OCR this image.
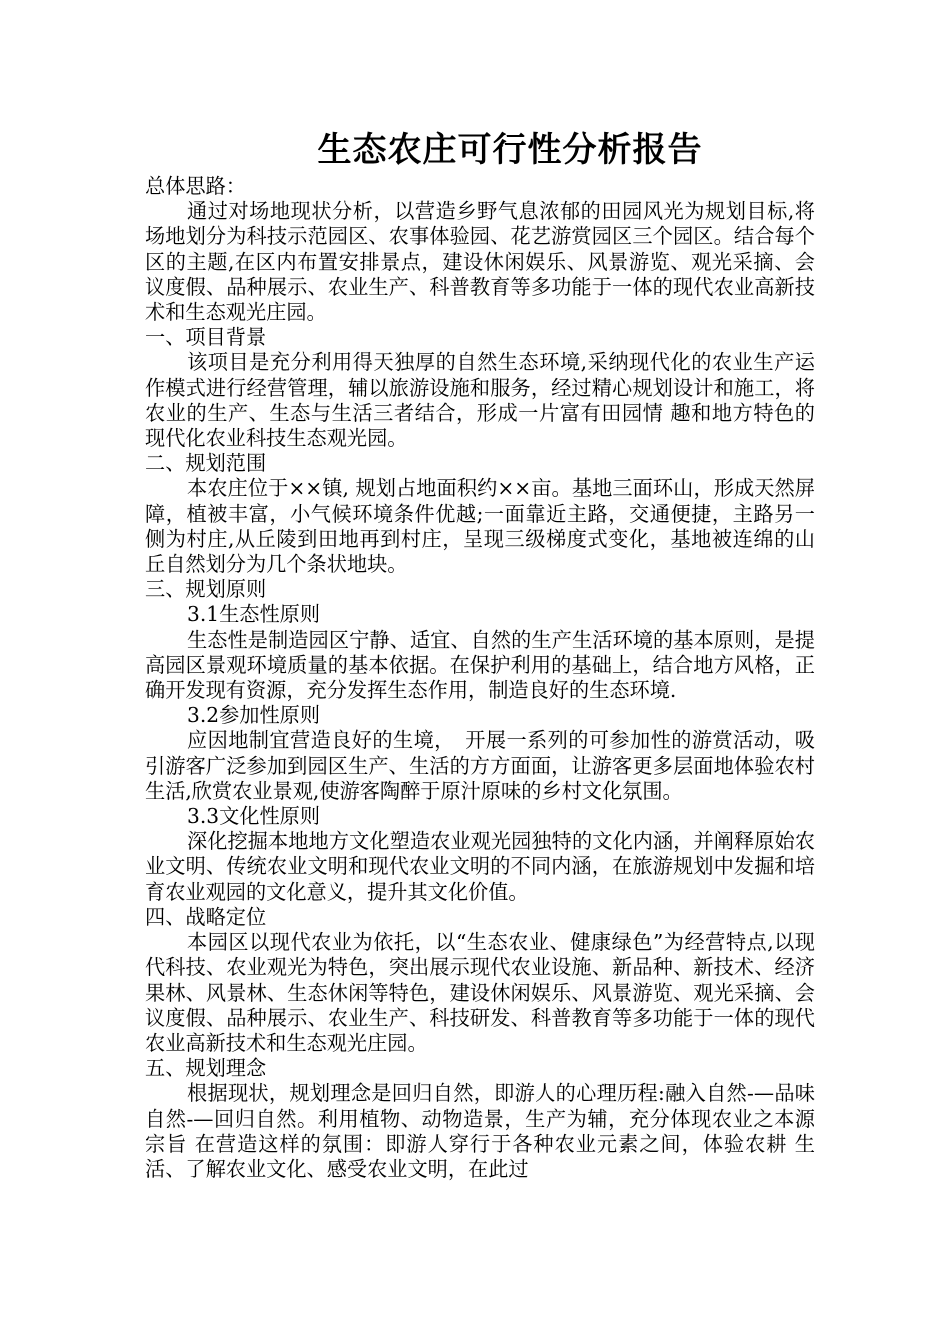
生态农庄可行性分析报告

总体思路：

通过对场地现状分析，以营造乡野气息浓郁的田园风光为规划目标,将场地划分为科技示范园区、农事体验园、花艺游赏园区三个园区。结合每个区的主题,在区内布置安排景点，建设休闲娱乐、风景游览、观光采摘、会议度假、品种展示、农业生产、科普教育等多功能于一体的现代农业高新技术和生态观光庄园。

一、项目背景

该项目是充分利用得天独厚的自然生态环境,采纳现代化的农业生产运作模式进行经营管理，辅以旅游设施和服务，经过精心规划设计和施工，将农业的生产、生态与生活三者结合，形成一片富有田园情 趣和地方特色的现代化农业科技生态观光园。

二、规划范围

本农庄位于××镇, 规划占地面积约××亩。基地三面环山，形成天然屏障，植被丰富，小气候环境条件优越;一面靠近主路，交通便捷，主路另一侧为村庄,从丘陵到田地再到村庄，呈现三级梯度式变化，基地被连绵的山丘自然划分为几个条状地块。

三、规划原则

3.1生态性原则

生态性是制造园区宁静、适宜、自然的生产生活环境的基本原则，是提高园区景观环境质量的基本依据。在保护利用的基础上，结合地方风格，正确开发现有资源，充分发挥生态作用，制造良好的生态环境.

3.2参加性原则

应因地制宜营造良好的生境，　开展一系列的可参加性的游赏活动，吸引游客广泛参加到园区生产、生活的方方面面，让游客更多层面地体验农村生活,欣赏农业景观,使游客陶醉于原汁原味的乡村文化氛围。

3.3文化性原则

深化挖掘本地地方文化塑造农业观光园独特的文化内涵，并阐释原始农业文明、传统农业文明和现代农业文明的不同内涵，在旅游规划中发掘和培育农业观园的文化意义，提升其文化价值。

四、战略定位

本园区以现代农业为依托，以“生态农业、健康绿色”为经营特点,以现代科技、农业观光为特色，突出展示现代农业设施、新品种、新技术、经济果林、风景林、生态休闲等特色，建设休闲娱乐、风景游览、观光采摘、会议度假、品种展示、农业生产、科技研发、科普教育等多功能于一体的现代农业高新技术和生态观光庄园。

五、规划理念

根据现状，规划理念是回归自然，即游人的心理历程:融入自然-—品味自然-—回归自然。利用植物、动物造景，生产为辅，充分体现农业之本源宗旨 在营造这样的氛围：即游人穿行于各种农业元素之间，体验农耕 生活、了解农业文化、感受农业文明，在此过
